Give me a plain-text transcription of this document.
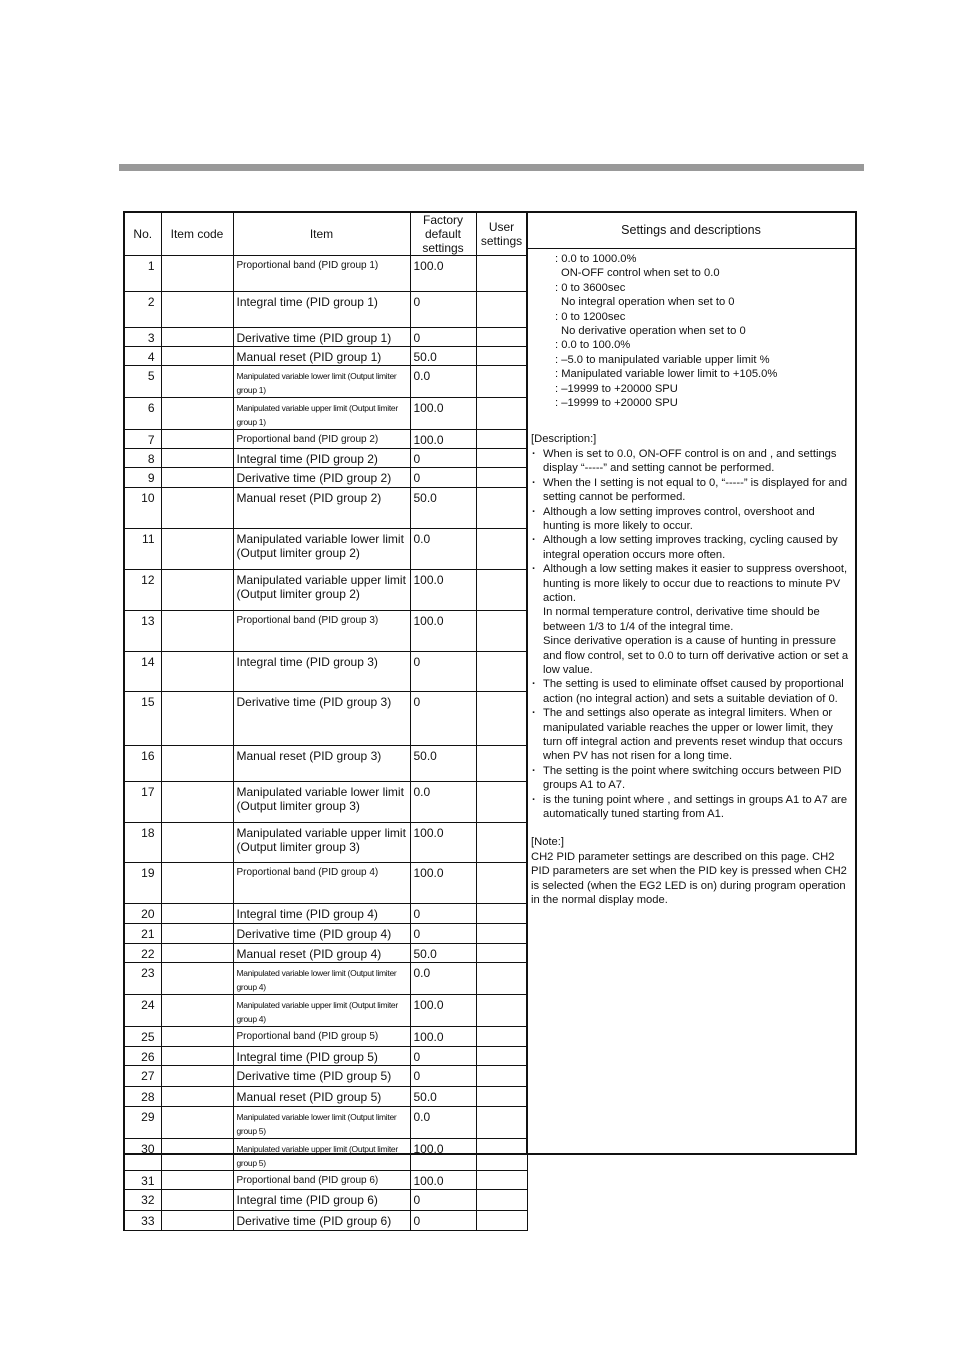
No.	Item code	Item	Factory default settings	User settings
1		Proportional band (PID group 1)	100.0	
2		Integral time (PID group 1)	0	
3		Derivative time (PID group 1)	0	
4		Manual reset (PID group 1)	50.0	
5		Manipulated variable lower limit (Output limiter group 1)	0.0	
6		Manipulated variable upper limit (Output limiter group 1)	100.0	
7		Proportional band (PID group 2)	100.0	
8		Integral time (PID group 2)	0	
9		Derivative time (PID group 2)	0	
10		Manual reset (PID group 2)	50.0	
11		Manipulated variable lower limit (Output limiter group 2)	0.0	
12		Manipulated variable upper limit (Output limiter group 2)	100.0	
13		Proportional band (PID group 3)	100.0	
14		Integral time (PID group 3)	0	
15		Derivative time (PID group 3)	0	
16		Manual reset (PID group 3)	50.0	
17		Manipulated variable lower limit (Output limiter group 3)	0.0	
18		Manipulated variable upper limit (Output limiter group 3)	100.0	
19		Proportional band (PID group 4)	100.0	
20		Integral time (PID group 4)	0	
21		Derivative time (PID group 4)	0	
22		Manual reset (PID group 4)	50.0	
23		Manipulated variable lower limit (Output limiter group 4)	0.0	
24		Manipulated variable upper limit (Output limiter group 4)	100.0	
25		Proportional band (PID group 5)	100.0	
26		Integral time (PID group 5)	0	
27		Derivative time (PID group 5)	0	
28		Manual reset (PID group 5)	50.0	
29		Manipulated variable lower limit (Output limiter group 5)	0.0	
30		Manipulated variable upper limit (Output limiter group 5)	100.0	
31		Proportional band (PID group 6)	100.0	
32		Integral time (PID group 6)	0	
33		Derivative time (PID group 6)	0	
Settings and descriptions
: 0.0 to 1000.0%
ON-OFF control when set to 0.0
: 0 to 3600sec
No integral operation when set to 0
: 0 to 1200sec
No derivative operation when set to 0
: 0.0 to 100.0%
: –5.0 to manipulated variable upper limit %
: Manipulated variable lower limit to +105.0%
: –19999 to +20000 SPU
: –19999 to +20000 SPU
[Description:]
· When is set to 0.0, ON-OFF control is on and , and settings display “-----” and setting cannot be performed.
· When the I setting is not equal to 0, “-----” is displayed for and setting cannot be performed.
· Although a low setting improves control, overshoot and hunting is more likely to occur.
· Although a low setting improves tracking, cycling caused by integral operation occurs more often.
· Although a low setting makes it easier to suppress overshoot, hunting is more likely to occur due to reactions to minute PV action.
In normal temperature control, derivative time should be between 1/3 to 1/4 of the integral time.
Since derivative operation is a cause of hunting in pressure and flow control, set to 0.0 to turn off derivative action or set a low value.
· The setting is used to eliminate offset caused by proportional action (no integral action) and sets a suitable deviation of 0.
· The and settings also operate as integral limiters. When or manipulated variable reaches the upper or lower limit, they turn off integral action and prevents reset windup that occurs when PV has not risen for a long time.
· The setting is the point where switching occurs between PID groups A1 to A7.
· is the tuning point where , and settings in groups A1 to A7 are automatically tuned starting from A1.
[Note:]
CH2 PID parameter settings are described on this page. CH2 PID parameters are set when the PID key is pressed when CH2 is selected (when the EG2 LED is on) during program operation in the normal display mode.
